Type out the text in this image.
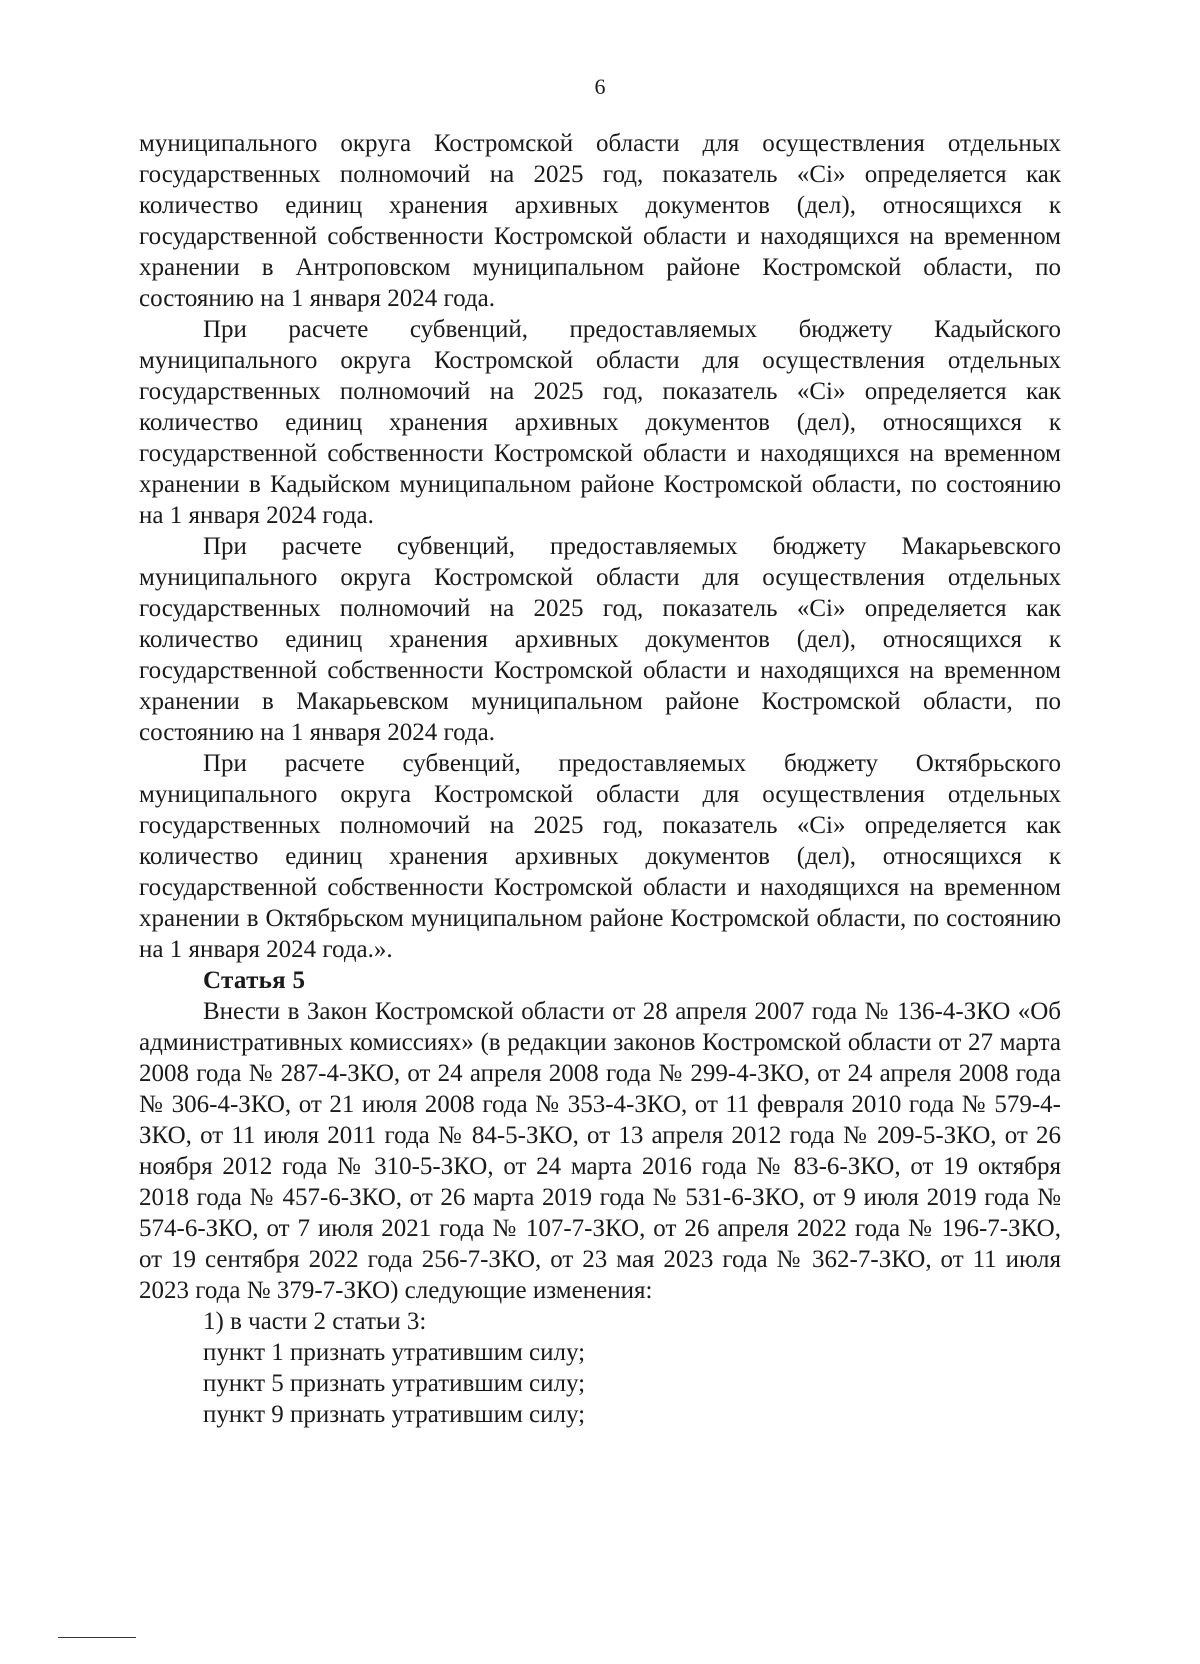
6

муниципального округа Костромской области для осуществления отдельных государственных полномочий на 2025 год, показатель «Сi» определяется как количество единиц хранения архивных документов (дел), относящихся к государственной собственности Костромской области и находящихся на временном хранении в Антроповском муниципальном районе Костромской области, по состоянию на 1 января 2024 года.

При расчете субвенций, предоставляемых бюджету Кадыйского муниципального округа Костромской области для осуществления отдельных государственных полномочий на 2025 год, показатель «Сi» определяется как количество единиц хранения архивных документов (дел), относящихся к государственной собственности Костромской области и находящихся на временном хранении в Кадыйском муниципальном районе Костромской области, по состоянию на 1 января 2024 года.

При расчете субвенций, предоставляемых бюджету Макарьевского муниципального округа Костромской области для осуществления отдельных государственных полномочий на 2025 год, показатель «Сi» определяется как количество единиц хранения архивных документов (дел), относящихся к государственной собственности Костромской области и находящихся на временном хранении в Макарьевском муниципальном районе Костромской области, по состоянию на 1 января 2024 года.

При расчете субвенций, предоставляемых бюджету Октябрьского муниципального округа Костромской области для осуществления отдельных государственных полномочий на 2025 год, показатель «Сi» определяется как количество единиц хранения архивных документов (дел), относящихся к государственной собственности Костромской области и находящихся на временном хранении в Октябрьском муниципальном районе Костромской области, по состоянию на 1 января 2024 года.».

Статья 5

Внести в Закон Костромской области от 28 апреля 2007 года № 136-4-ЗКО «Об административных комиссиях» (в редакции законов Костромской области от 27 марта 2008 года № 287-4-ЗКО, от 24 апреля 2008 года № 299-4-ЗКО, от 24 апреля 2008 года № 306-4-ЗКО, от 21 июля 2008 года № 353-4-ЗКО, от 11 февраля 2010 года № 579-4-ЗКО, от 11 июля 2011 года № 84-5-ЗКО, от 13 апреля 2012 года № 209-5-ЗКО, от 26 ноября 2012 года № 310-5-ЗКО, от 24 марта 2016 года № 83-6-ЗКО, от 19 октября 2018 года № 457-6-ЗКО, от 26 марта 2019 года № 531-6-ЗКО, от 9 июля 2019 года № 574-6-ЗКО, от 7 июля 2021 года № 107-7-ЗКО, от 26 апреля 2022 года № 196-7-ЗКО, от 19 сентября 2022 года 256-7-ЗКО, от 23 мая 2023 года № 362-7-ЗКО, от 11 июля 2023 года № 379-7-ЗКО) следующие изменения:

1) в части 2 статьи 3:

пункт 1 признать утратившим силу;

пункт 5 признать утратившим силу;

пункт 9 признать утратившим силу;
